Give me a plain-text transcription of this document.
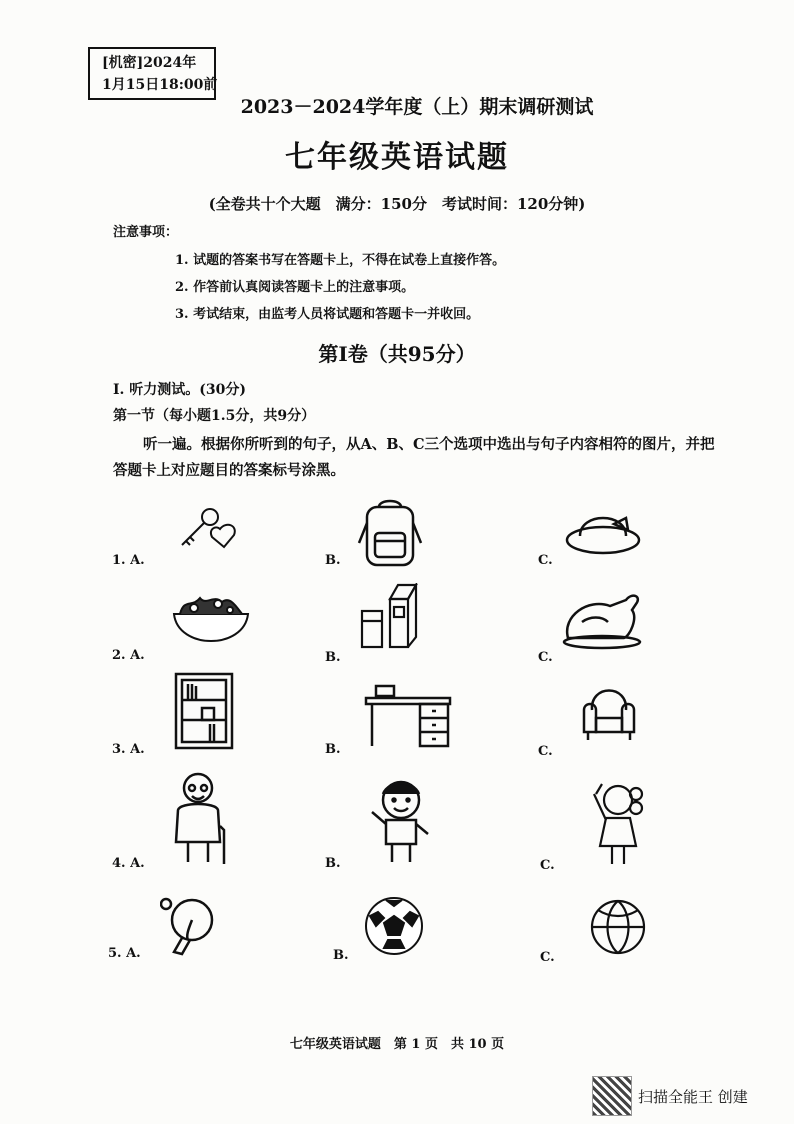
[机密]2024年
1月15日18:00前
2023－2024学年度（上）期末调研测试
七年级英语试题
(全卷共十个大题　满分：150分　考试时间：120分钟)
注意事项：
1. 试题的答案书写在答题卡上，不得在试卷上直接作答。
2. 作答前认真阅读答题卡上的注意事项。
3. 考试结束，由监考人员将试题和答题卡一并收回。
第Ⅰ卷（共95分）
I. 听力测试。(30分)
第一节（每小题1.5分，共9分）
听一遍。根据你所听到的句子，从A、B、C三个选项中选出与句子内容相符的图片，并把答题卡上对应题目的答案标号涂黑。
1. A.	B.	C.
2. A.	B.	C.
3. A.	B.	C.
4. A.	B.	C.
5. A.	B.	C.
七年级英语试题　第 1 页　共 10 页
扫描全能王 创建
